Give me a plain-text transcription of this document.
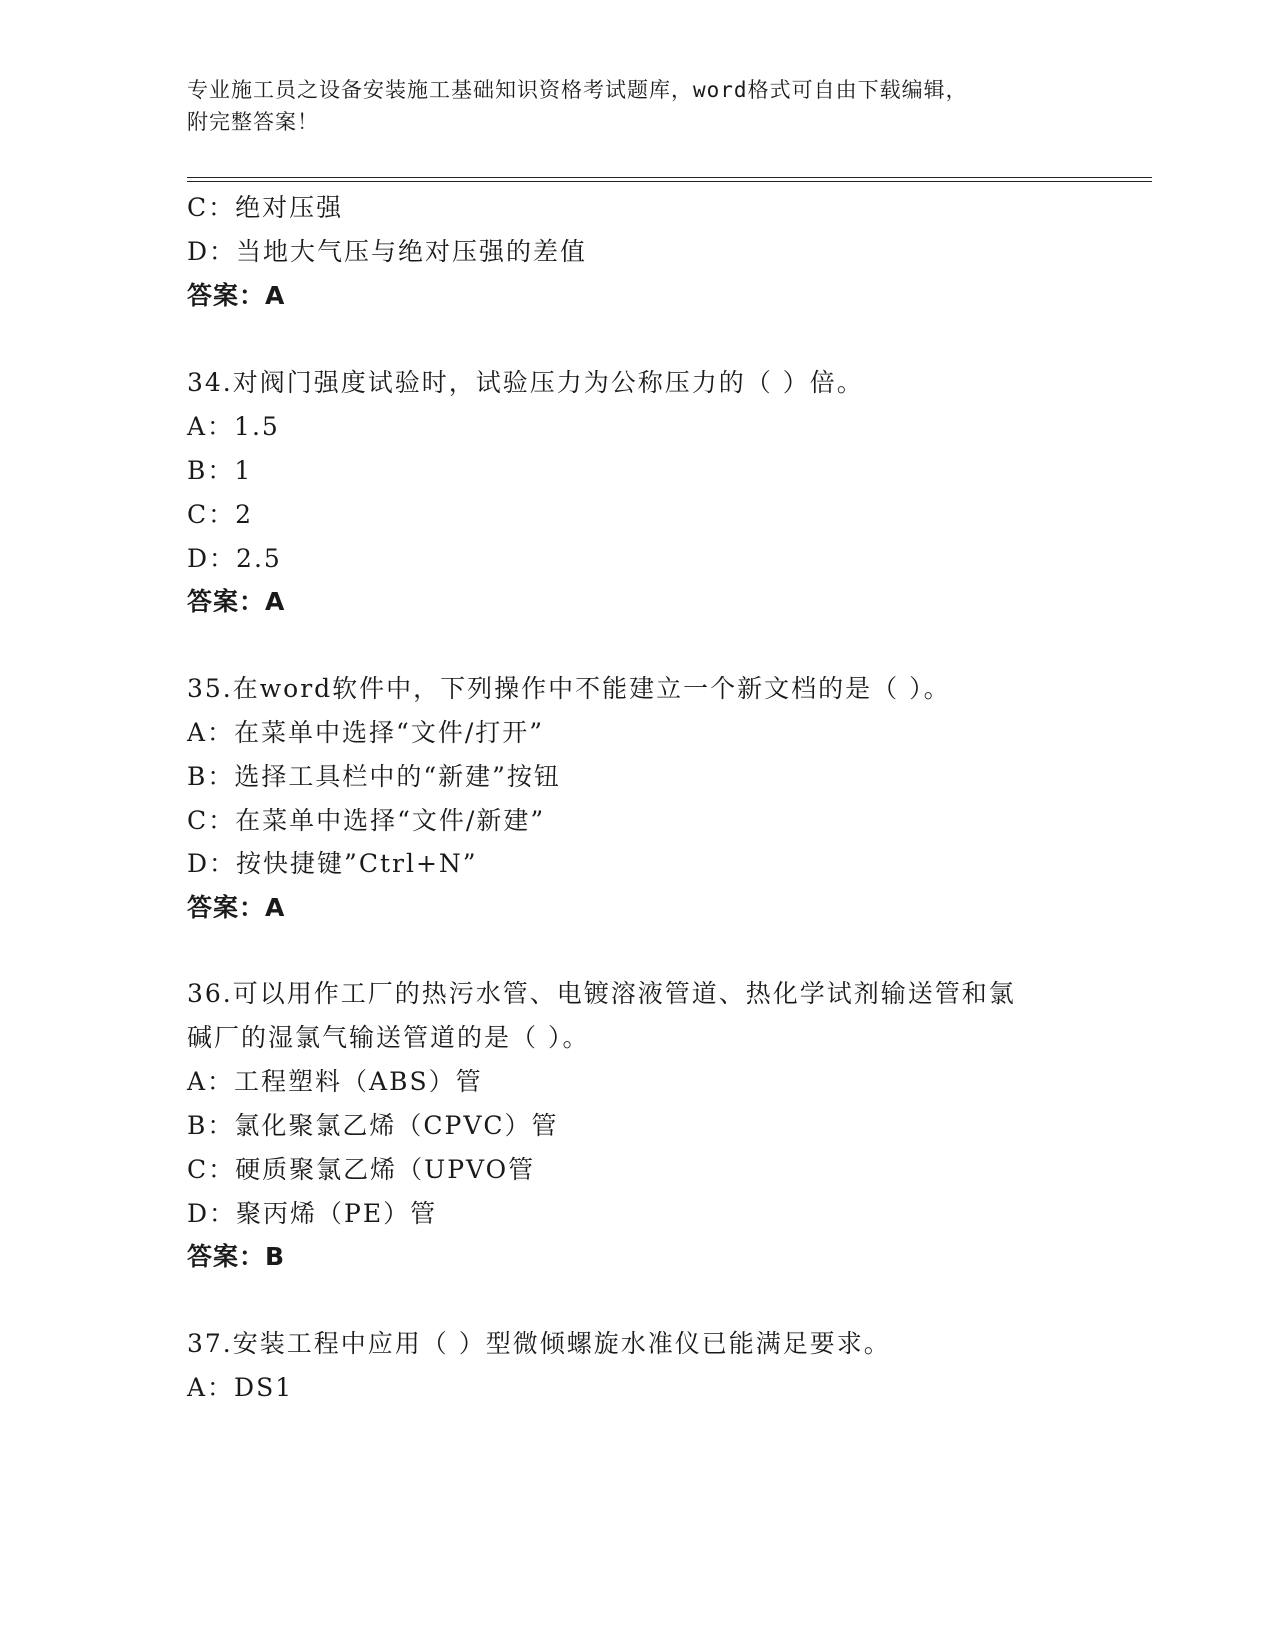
专业施工员之设备安装施工基础知识资格考试题库，word格式可自由下载编辑，
附完整答案！
C：绝对压强
D：当地大气压与绝对压强的差值
答案：A
34.对阀门强度试验时，试验压力为公称压力的（ ）倍。
A：1.5
B：1
C：2
D：2.5
答案：A
35.在word软件中，下列操作中不能建立一个新文档的是（ ）。
A：在菜单中选择“文件/打开”
B：选择工具栏中的“新建”按钮
C：在菜单中选择“文件/新建”
D：按快捷键”Ctrl+N”
答案：A
36.可以用作工厂的热污水管、电镀溶液管道、热化学试剂输送管和氯
碱厂的湿氯气输送管道的是（ ）。
A：工程塑料（ABS）管
B：氯化聚氯乙烯（CPVC）管
C：硬质聚氯乙烯（UPVO管
D：聚丙烯（PE）管
答案：B
37.安装工程中应用（ ）型微倾螺旋水准仪已能满足要求。
A：DS1
